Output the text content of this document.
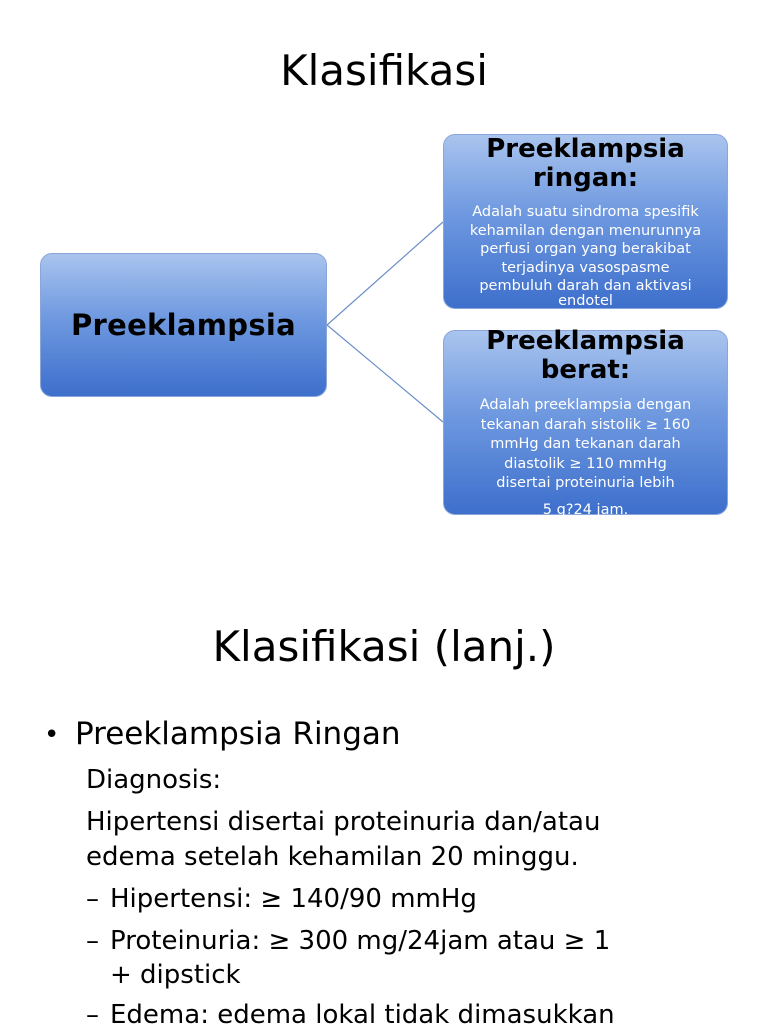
Klasifikasi
Preeklampsia
Preeklampsia
ringan:
Adalah suatu sindroma spesifik
kehamilan dengan menurunnya
perfusi organ yang berakibat
terjadinya vasospasme
pembuluh darah dan aktivasi
endotel
Preeklampsia
berat:
Adalah preeklampsia dengan
tekanan darah sistolik ≥ 160
mmHg dan tekanan darah
diastolik ≥ 110 mmHg
disertai proteinuria lebih
5 g?24 jam.
Klasifikasi (lanj.)
• Preeklampsia Ringan
Diagnosis:
Hipertensi disertai proteinuria dan/atau
edema setelah kehamilan 20 minggu.
– Hipertensi: ≥ 140/90 mmHg
– Proteinuria: ≥ 300 mg/24jam atau ≥ 1
+ dipstick
– Edema: edema lokal tidak dimasukkan
